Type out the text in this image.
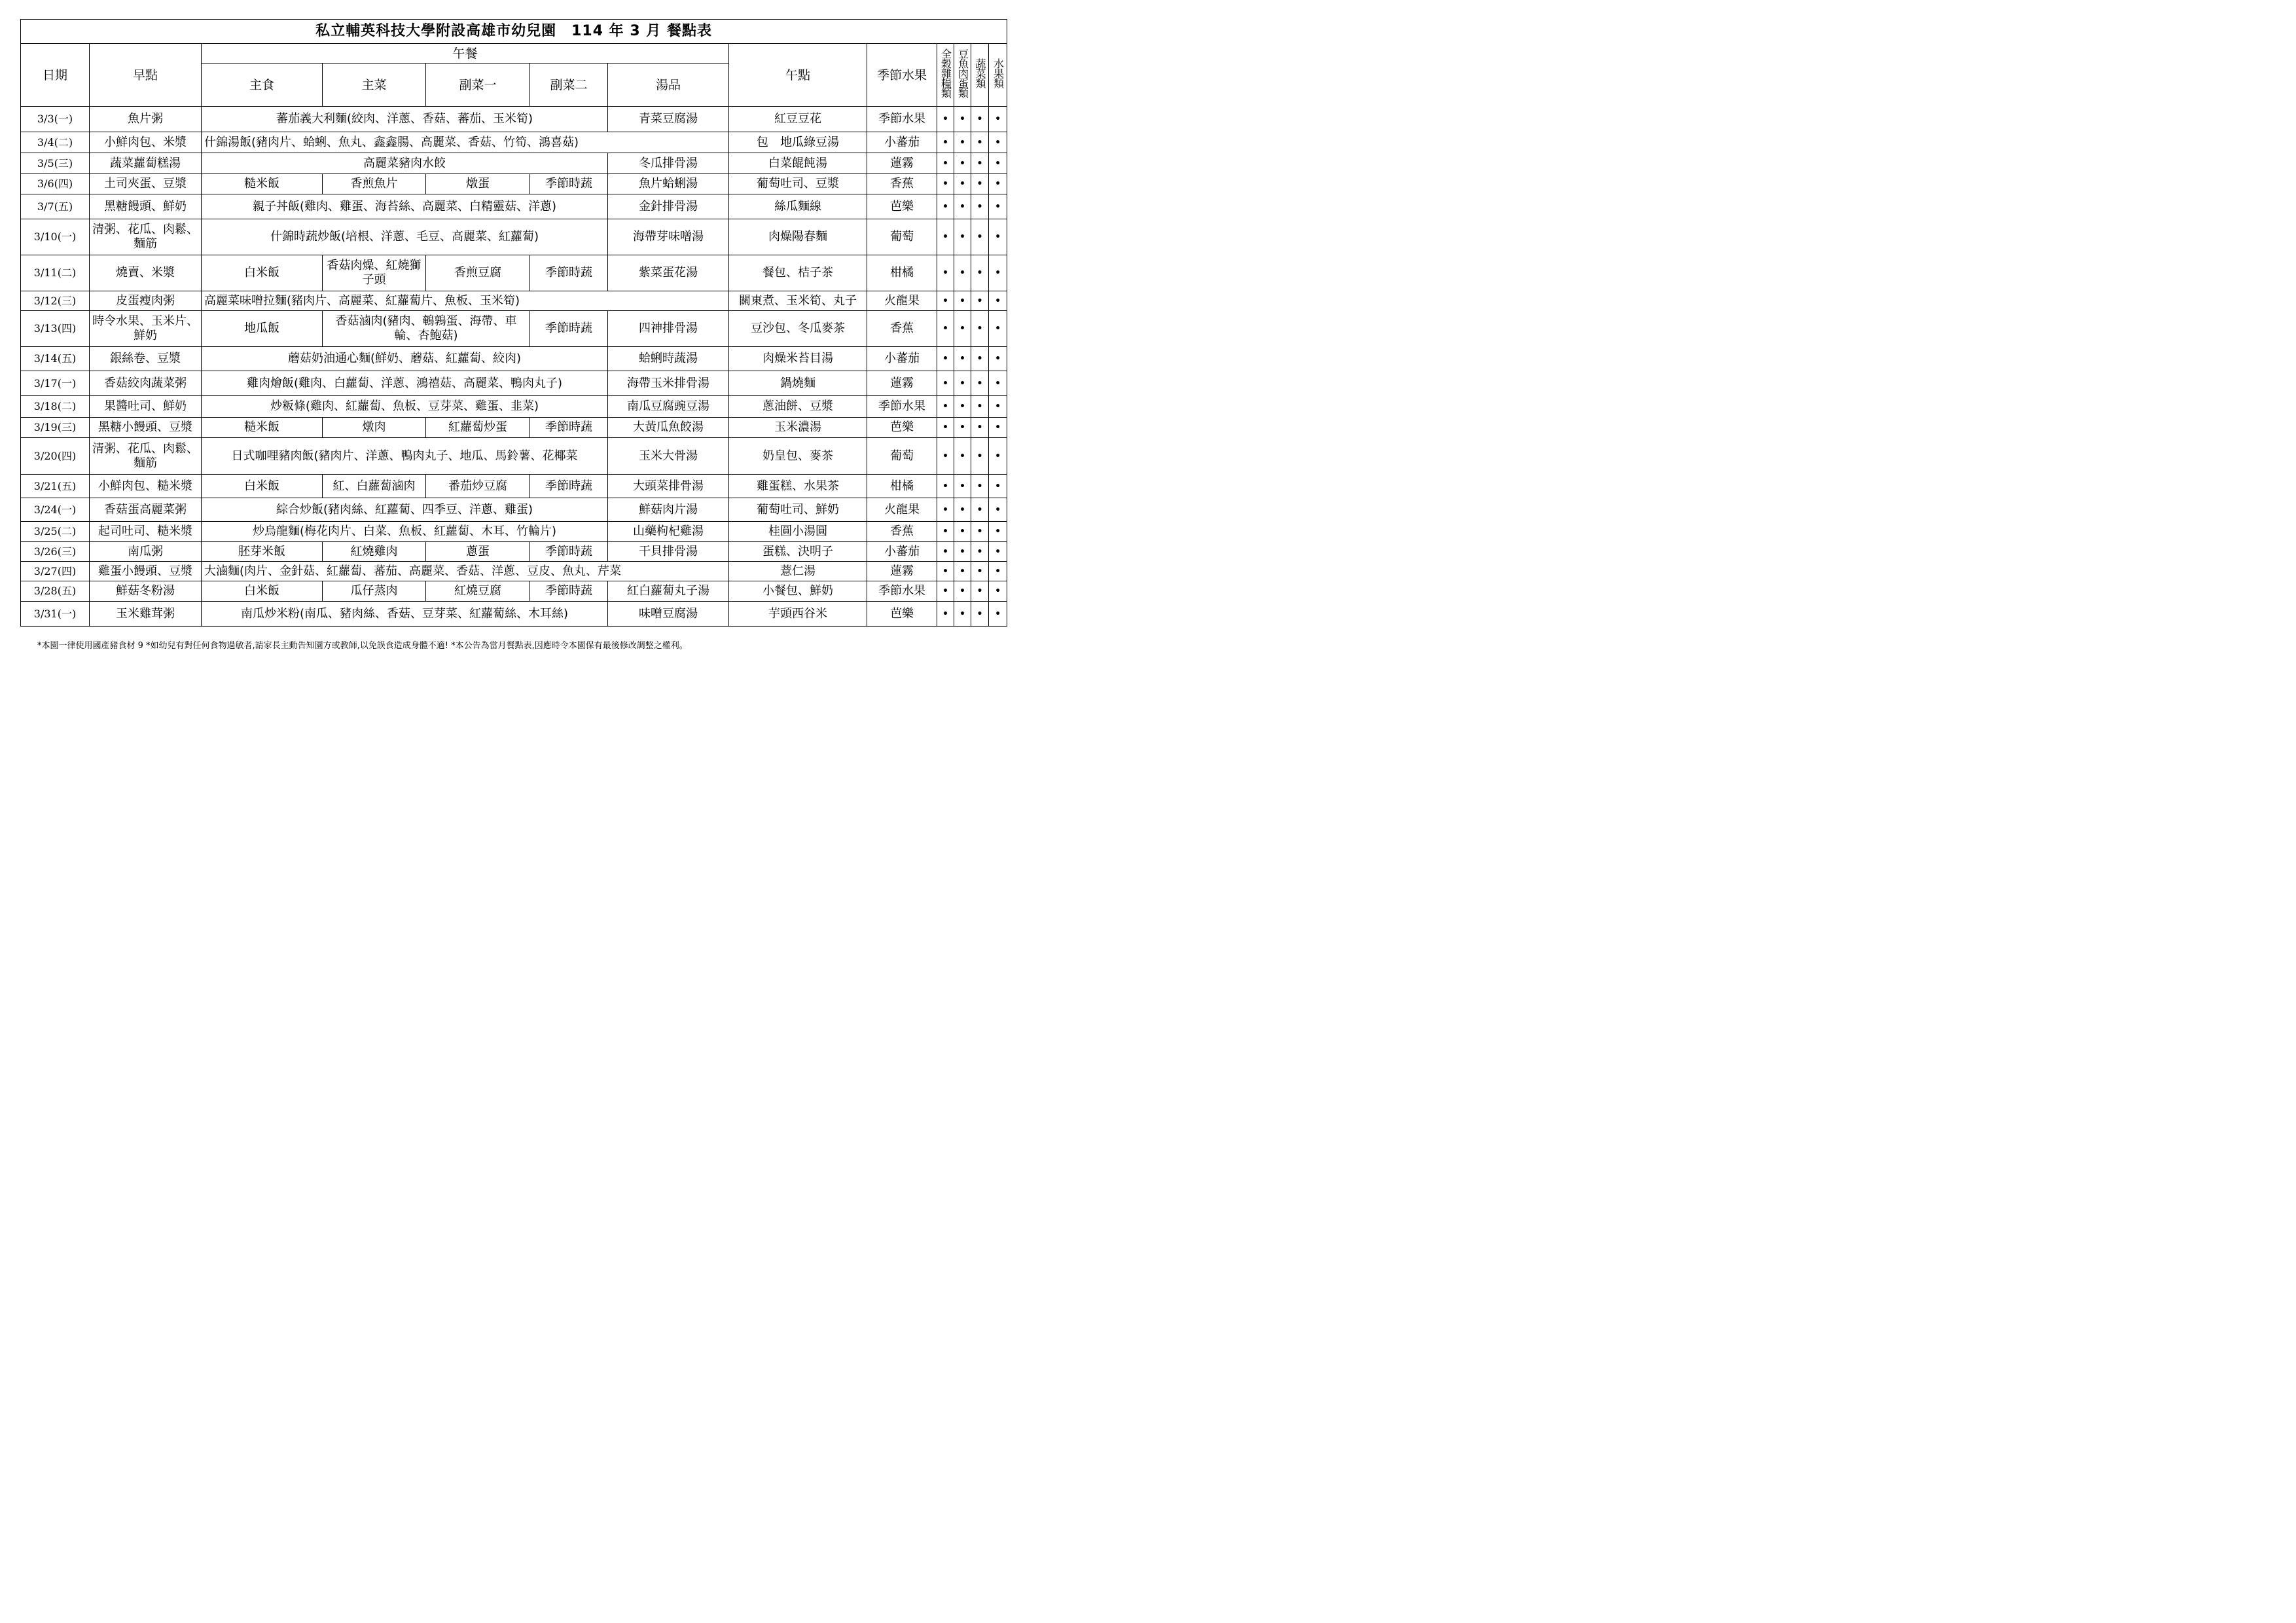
私立輔英科技大學附設高雄市幼兒園　114 年 3 月 餐點表												
日期	早點	午餐					午點	季節水果	全穀雜糧類	豆魚肉蛋類	蔬菜類	水果類
		主食	主菜	副菜一	副菜二	湯品						
3/3(一)	魚片粥	蕃茄義大利麵(絞肉、洋蔥、香菇、蕃茄、玉米筍)				青菜豆腐湯	紅豆豆花	季節水果	•	•	•	•
3/4(二)	小鮮肉包、米漿	什錦湯飯(豬肉片、蛤蜊、魚丸、鑫鑫腸、高麗菜、香菇、竹筍、鴻喜菇)					包　地瓜綠豆湯	小蕃茄	•	•	•	•
3/5(三)	蔬菜蘿蔔糕湯	高麗菜豬肉水餃				冬瓜排骨湯	白菜餛飩湯	蓮霧	•	•	•	•
3/6(四)	土司夾蛋、豆漿	糙米飯	香煎魚片	燉蛋	季節時蔬	魚片蛤蜊湯	葡萄吐司、豆漿	香蕉	•	•	•	•
3/7(五)	黑糖饅頭、鮮奶	親子丼飯(雞肉、雞蛋、海苔絲、高麗菜、白精靈菇、洋蔥)				金針排骨湯	絲瓜麵線	芭樂	•	•	•	•
3/10(一)	清粥、花瓜、肉鬆、麵筋	什錦時蔬炒飯(培根、洋蔥、毛豆、高麗菜、紅蘿蔔)				海帶芽味噌湯	肉燥陽春麵	葡萄	•	•	•	•
3/11(二)	燒賣、米漿	白米飯	香菇肉燥、紅燒獅子頭	香煎豆腐	季節時蔬	紫菜蛋花湯	餐包、桔子茶	柑橘	•	•	•	•
3/12(三)	皮蛋瘦肉粥	高麗菜味噌拉麵(豬肉片、高麗菜、紅蘿蔔片、魚板、玉米筍)					關東煮、玉米筍、丸子	火龍果	•	•	•	•
3/13(四)	時令水果、玉米片、鮮奶	地瓜飯	香菇滷肉(豬肉、鵪鶉蛋、海帶、車輪、杏鮑菇)		季節時蔬	四神排骨湯	豆沙包、冬瓜麥茶	香蕉	•	•	•	•
3/14(五)	銀絲卷、豆漿	蘑菇奶油通心麵(鮮奶、蘑菇、紅蘿蔔、絞肉)				蛤蜊時蔬湯	肉燥米苔目湯	小蕃茄	•	•	•	•
3/17(一)	香菇絞肉蔬菜粥	雞肉燴飯(雞肉、白蘿蔔、洋蔥、鴻禧菇、高麗菜、鴨肉丸子)				海帶玉米排骨湯	鍋燒麵	蓮霧	•	•	•	•
3/18(二)	果醬吐司、鮮奶	炒粄條(雞肉、紅蘿蔔、魚板、豆芽菜、雞蛋、韭菜)				南瓜豆腐豌豆湯	蔥油餅、豆漿	季節水果	•	•	•	•
3/19(三)	黑糖小饅頭、豆漿	糙米飯	燉肉	紅蘿蔔炒蛋	季節時蔬	大黃瓜魚餃湯	玉米濃湯	芭樂	•	•	•	•
3/20(四)	清粥、花瓜、肉鬆、麵筋	日式咖哩豬肉飯(豬肉片、洋蔥、鴨肉丸子、地瓜、馬鈴薯、花椰菜				玉米大骨湯	奶皇包、麥茶	葡萄	•	•	•	•
3/21(五)	小鮮肉包、糙米漿	白米飯	紅、白蘿蔔滷肉	番茄炒豆腐	季節時蔬	大頭菜排骨湯	雞蛋糕、水果茶	柑橘	•	•	•	•
3/24(一)	香菇蛋高麗菜粥	綜合炒飯(豬肉絲、紅蘿蔔、四季豆、洋蔥、雞蛋)				鮮菇肉片湯	葡萄吐司、鮮奶	火龍果	•	•	•	•
3/25(二)	起司吐司、糙米漿	炒烏龍麵(梅花肉片、白菜、魚板、紅蘿蔔、木耳、竹輪片)				山藥枸杞雞湯	桂圓小湯圓	香蕉	•	•	•	•
3/26(三)	南瓜粥	胚芽米飯	紅燒雞肉	蔥蛋	季節時蔬	干貝排骨湯	蛋糕、決明子	小蕃茄	•	•	•	•
3/27(四)	雞蛋小饅頭、豆漿	大滷麵(肉片、金針菇、紅蘿蔔、蕃茄、高麗菜、香菇、洋蔥、豆皮、魚丸、芹菜					薏仁湯	蓮霧	•	•	•	•
3/28(五)	鮮菇冬粉湯	白米飯	瓜仔蒸肉	紅燒豆腐	季節時蔬	紅白蘿蔔丸子湯	小餐包、鮮奶	季節水果	•	•	•	•
3/31(一)	玉米雞茸粥	南瓜炒米粉(南瓜、豬肉絲、香菇、豆芽菜、紅蘿蔔絲、木耳絲)				味噌豆腐湯	芋頭西谷米	芭樂	•	•	•	•
*本園一律使用國產豬食材 9 *如幼兒有對任何食物過敏者,請家長主動告知園方或教師,以免誤食造成身體不適! *本公告為當月餐點表,因應時令本園保有最後修改調整之權利。
